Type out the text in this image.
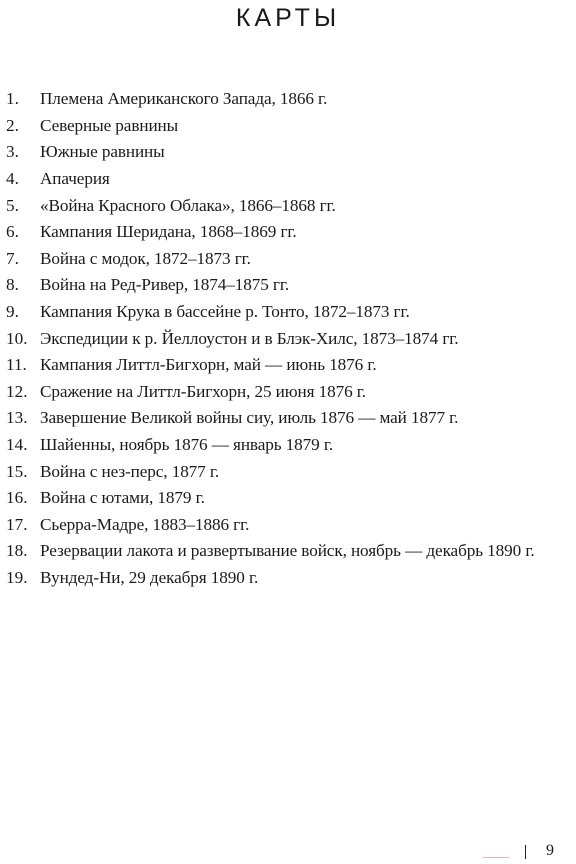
КАРТЫ
1.	Племена Американского Запада, 1866 г.
2.	Северные равнины
3.	Южные равнины
4.	Апачерия
5.	«Война Красного Облака», 1866–1868 гг.
6.	Кампания Шеридана, 1868–1869 гг.
7.	Война с модок, 1872–1873 гг.
8.	Война на Ред-Ривер, 1874–1875 гг.
9.	Кампания Крука в бассейне р. Тонто, 1872–1873 гг.
10. Экспедиции к р. Йеллоустон и в Блэк-Хилс, 1873–1874 гг.
11. Кампания Литтл-Бигхорн, май — июнь 1876 г.
12. Сражение на Литтл-Бигхорн, 25 июня 1876 г.
13. Завершение Великой войны сиу, июль 1876 — май 1877 г.
14. Шайенны, ноябрь 1876 — январь 1879 г.
15. Война с нез-перс, 1877 г.
16. Война с ютами, 1879 г.
17. Сьерра-Мадре, 1883–1886 гг.
18. Резервации лакота и развертывание войск, ноябрь — декабрь 1890 г.
19. Вундед-Ни, 29 декабря 1890 г.
9
